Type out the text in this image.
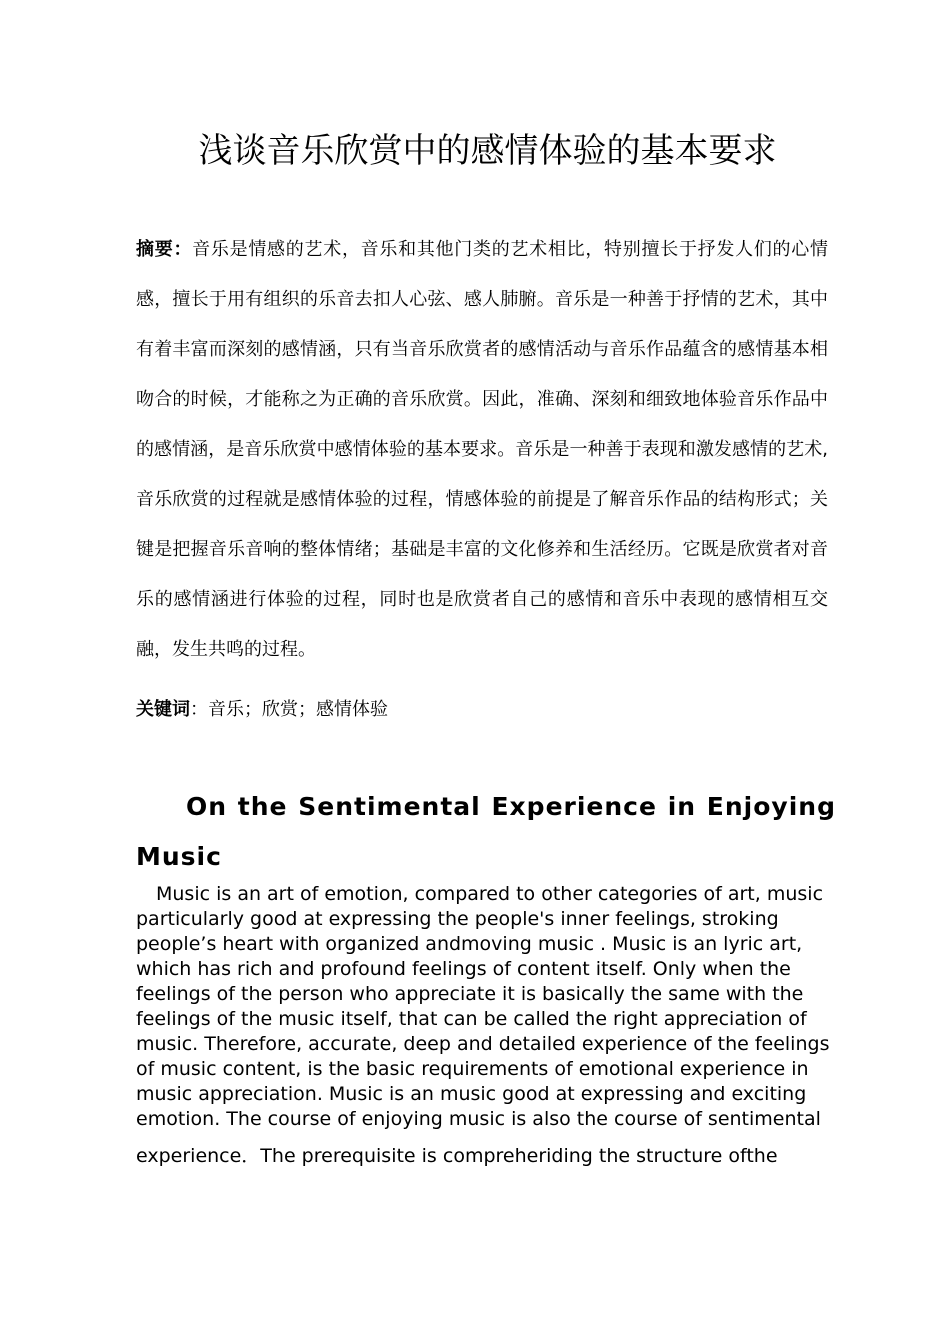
浅谈音乐欣赏中的感情体验的基本要求

摘要：音乐是情感的艺术，音乐和其他门类的艺术相比，特别擅长于抒发人们的心情感，擅长于用有组织的乐音去扣人心弦、感人肺腑。音乐是一种善于抒情的艺术，其中有着丰富而深刻的感情涵，只有当音乐欣赏者的感情活动与音乐作品蕴含的感情基本相吻合的时候，才能称之为正确的音乐欣赏。因此，准确、深刻和细致地体验音乐作品中的感情涵，是音乐欣赏中感情体验的基本要求。音乐是一种善于表现和激发感情的艺术,音乐欣赏的过程就是感情体验的过程，情感体验的前提是了解音乐作品的结构形式；关键是把握音乐音响的整体情绪；基础是丰富的文化修养和生活经历。它既是欣赏者对音乐的感情涵进行体验的过程，同时也是欣赏者自己的感情和音乐中表现的感情相互交融，发生共鸣的过程。

关键词：音乐；欣赏；感情体验

On the Sentimental Experience in Enjoying Music

Music is an art of emotion, compared to other categories of art, music particularly good at expressing the people's inner feelings, stroking people’s heart with organized andmoving music . Music is an lyric art, which has rich and profound feelings of content itself. Only when the feelings of the person who appreciate it is basically the same with the feelings of the music itself, that can be called the right appreciation of music. Therefore, accurate, deep and detailed experience of the feelings of music content, is the basic requirements of emotional experience in music appreciation. Music is an music good at expressing and exciting emotion. The course of enjoying music is also the course of sentimental

experience．The prerequisite is compreheriding the structure ofthe
